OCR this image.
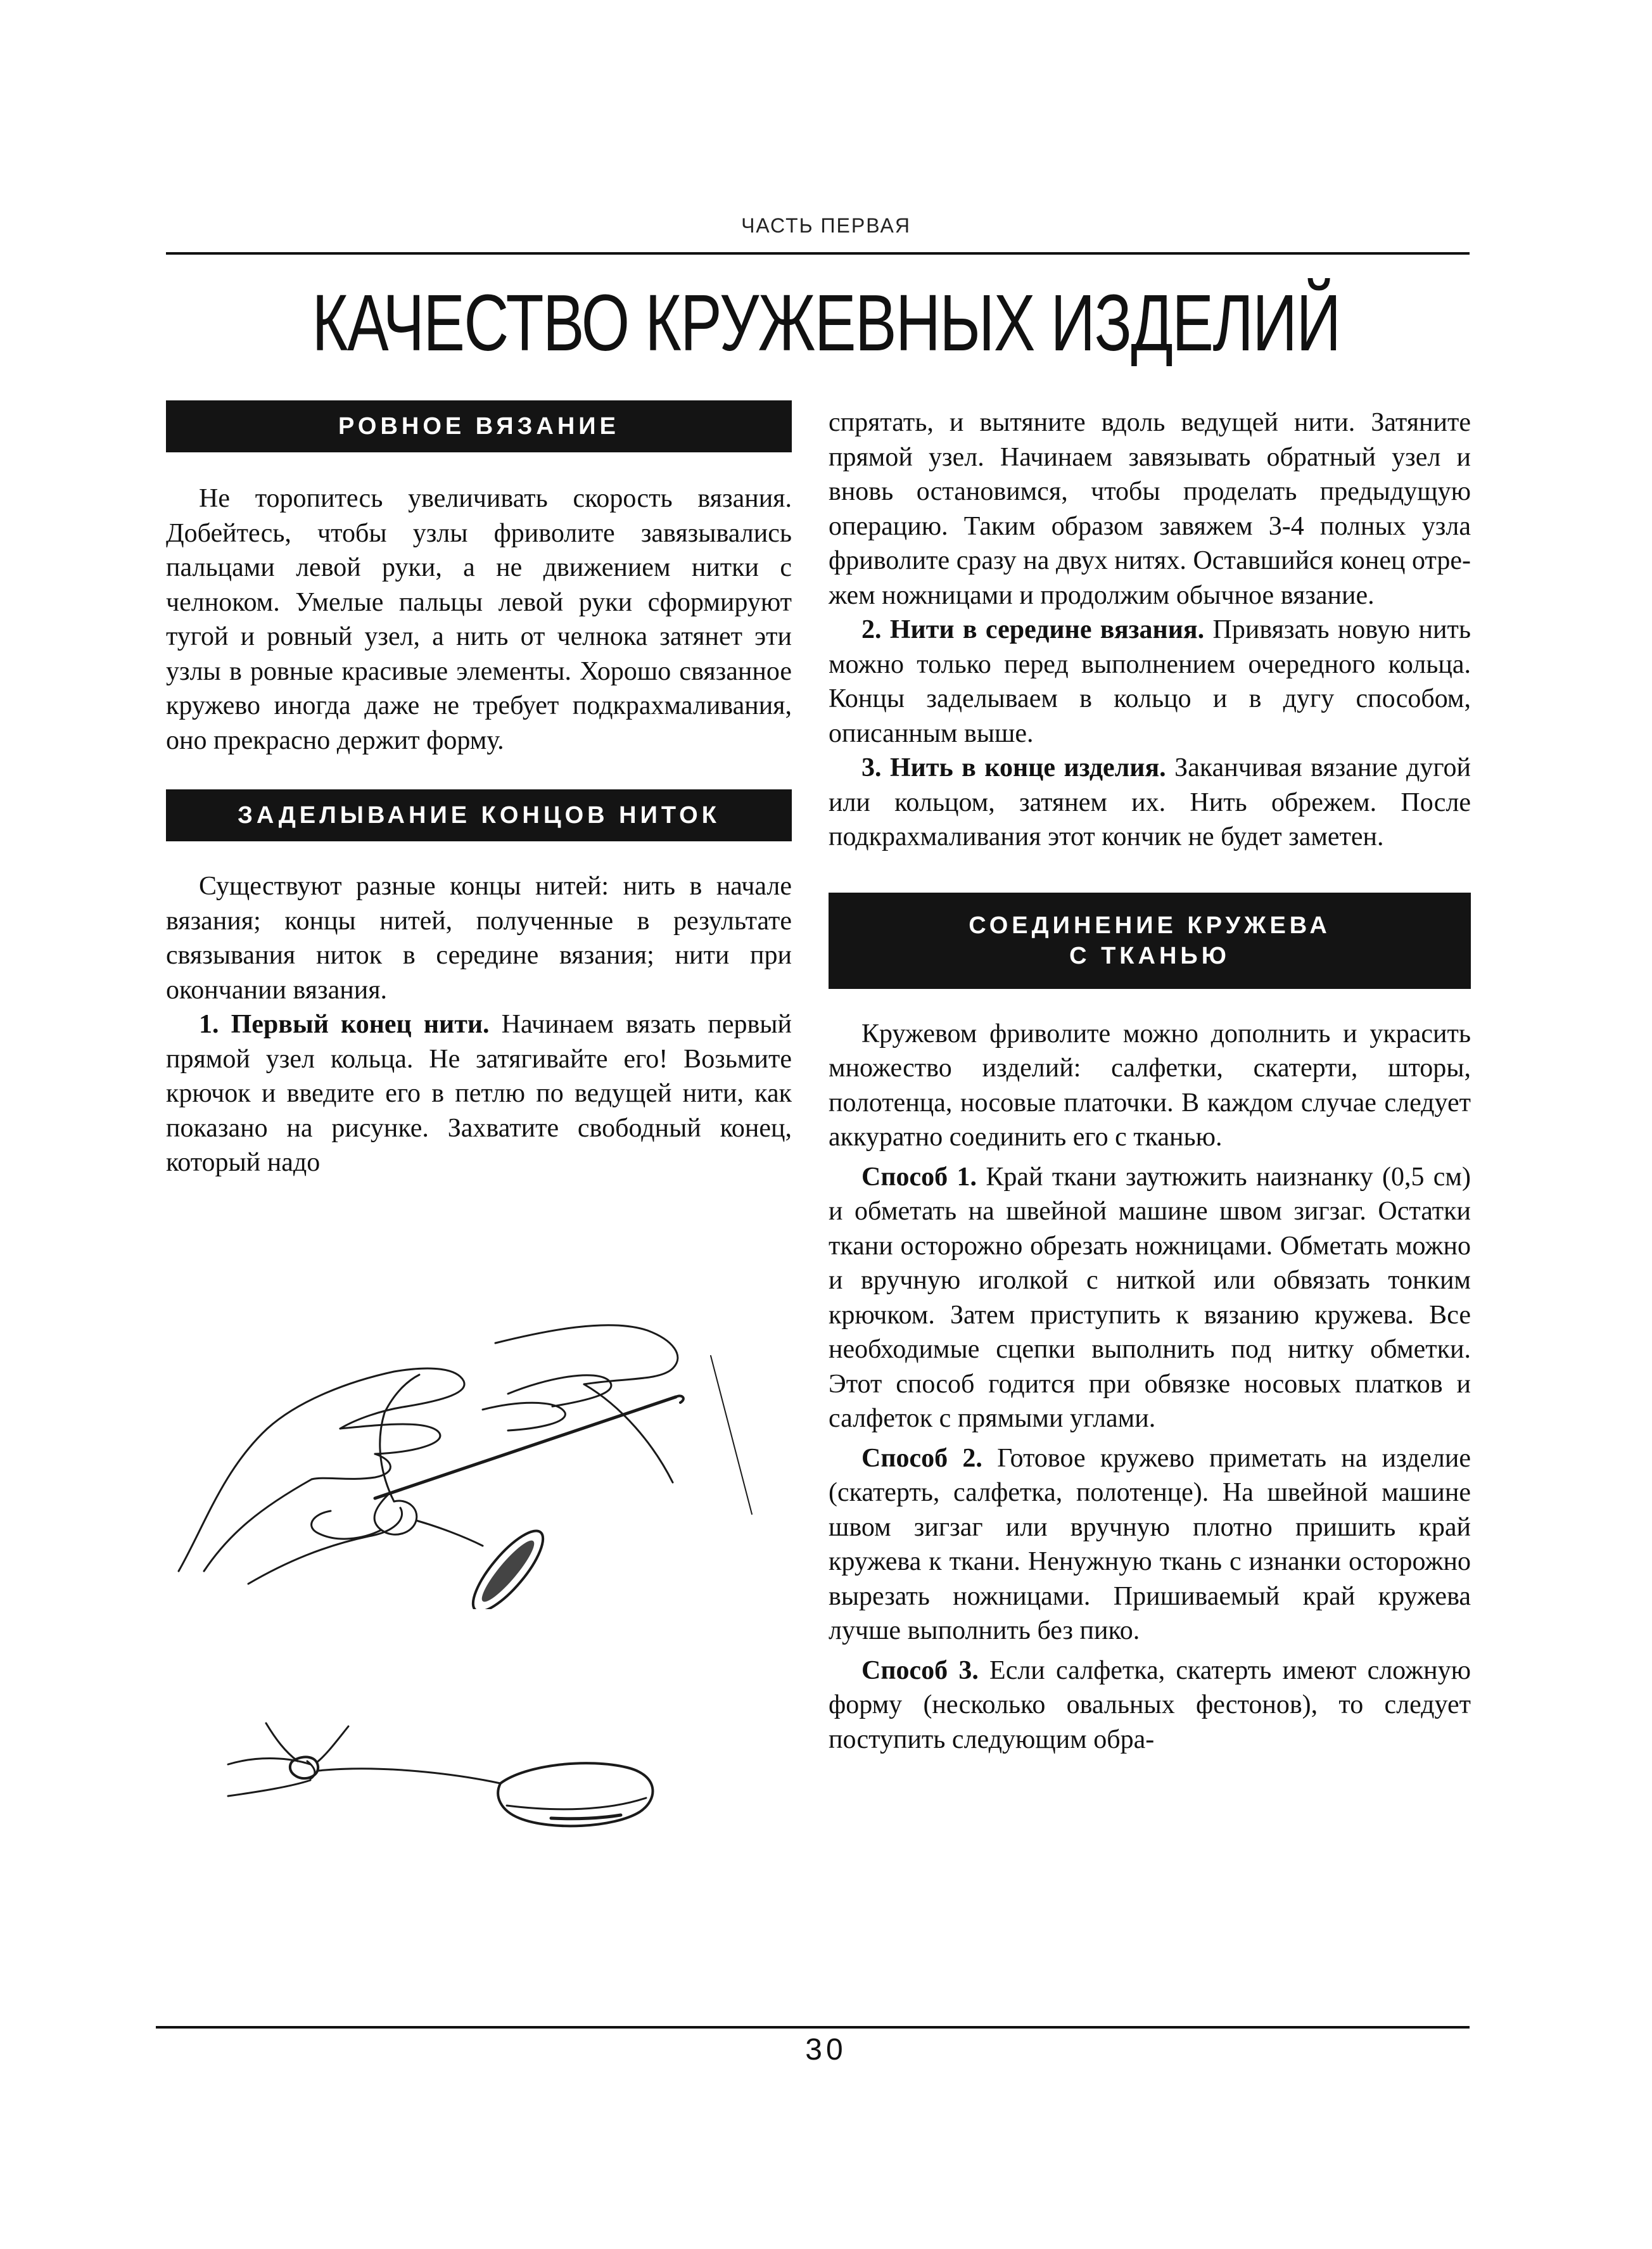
ЧАСТЬ ПЕРВАЯ
КАЧЕСТВО КРУЖЕВНЫХ ИЗДЕЛИЙ
РОВНОЕ ВЯЗАНИЕ

Не торопитесь увеличивать скорость вязания. Добейтесь, чтобы узлы фриволите завязывались пальцами левой руки, а не движением нитки с челноком. Умелые пальцы левой руки сформируют тугой и ровный узел, а нить от челнока затянет эти узлы в ровные красивые элементы. Хорошо связанное кружево иногда даже не требует подкрахмаливания, оно прекрасно держит форму.

ЗАДЕЛЫВАНИЕ КОНЦОВ НИТОК

Существуют разные концы нитей: нить в начале вязания; концы нитей, полученные в результате связывания ниток в середине вязания; нити при окончании вязания.

1. Первый конец нити. Начинаем вязать первый прямой узел кольца. Не затягивайте его! Возьмите крючок и введите его в петлю по ведущей нити, как показано на рисунке. Захватите свободный конец, который надо

спрятать, и вытяните вдоль ведущей нити. Затяните прямой узел. Начинаем завязывать обратный узел и вновь остановимся, чтобы проделать предыдущую операцию. Таким образом завяжем 3-4 полных узла фриволите сразу на двух нитях. Оставшийся конец отрежем ножницами и продолжим обычное вязание.

2. Нити в середине вязания. Привязать новую нить можно только перед выполнением очередного кольца. Концы заделываем в кольцо и в дугу способом, описанным выше.

3. Нить в конце изделия. Заканчивая вязание дугой или кольцом, затянем их. Нить обрежем. После подкрахмаливания этот кончик не будет заметен.

СОЕДИНЕНИЕ КРУЖЕВА
С ТКАНЬЮ

Кружевом фриволите можно дополнить и украсить множество изделий: салфетки, скатерти, шторы, полотенца, носовые платочки. В каждом случае следует аккуратно соединить его с тканью.

Способ 1. Край ткани заутюжить наизнанку (0,5 см) и обметать на швейной машине швом зигзаг. Остатки ткани осторожно обрезать ножницами. Обметать можно и вручную иголкой с ниткой или обвязать тонким крючком. Затем приступить к вязанию кружева. Все необходимые сцепки выполнить под нитку обметки. Этот способ годится при обвязке носовых платков и салфеток с прямыми углами.

Способ 2. Готовое кружево приметать на изделие (скатерть, салфетка, полотенце). На швейной машине швом зигзаг или вручную плотно пришить край кружева к ткани. Ненужную ткань с изнанки осторожно вырезать ножницами. Пришиваемый край кружева лучше выполнить без пико.

Способ 3. Если салфетка, скатерть имеют сложную форму (несколько овальных фестонов), то следует поступить следующим обра-

30
